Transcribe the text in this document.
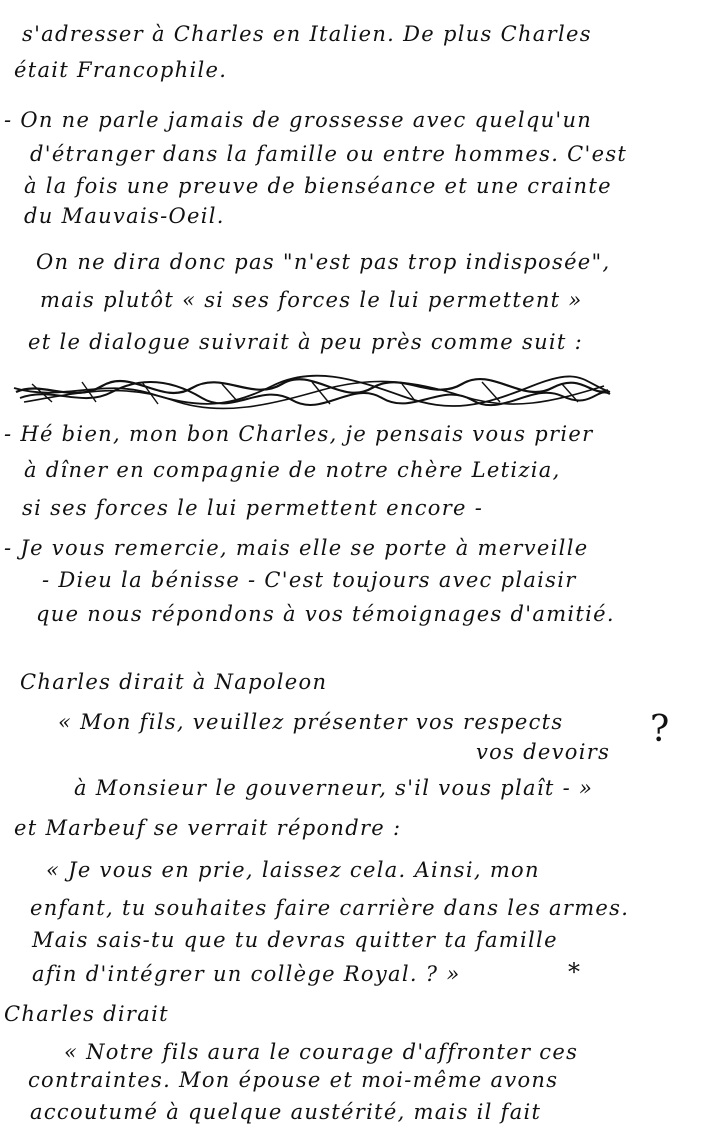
s'adresser à Charles en Italien. De plus Charles
était Francophile.
- On ne parle jamais de grossesse avec quelqu'un
d'étranger dans la famille ou entre hommes. C'est
à la fois une preuve de bienséance et une crainte
du Mauvais-Oeil.
On ne dira donc pas "n'est pas trop indisposée",
mais plutôt « si ses forces le lui permettent »
et le dialogue suivrait à peu près comme suit :
- Hé bien, mon bon Charles, je pensais vous prier
à dîner en compagnie de notre chère Letizia,
si ses forces le lui permettent encore -
- Je vous remercie, mais elle se porte à merveille
- Dieu la bénisse - C'est toujours avec plaisir
que nous répondons à vos témoignages d'amitié.
Charles dirait à Napoleon
« Mon fils, veuillez présenter vos respects ?
vos devoirs
à Monsieur le gouverneur, s'il vous plaît - »
et Marbeuf se verrait répondre :
« Je vous en prie, laissez cela. Ainsi, mon
enfant, tu souhaites faire carrière dans les armes.
Mais sais-tu que tu devras quitter ta famille
afin d'intégrer un collège Royal. ? »	*
Charles dirait
« Notre fils aura le courage d'affronter ces
contraintes. Mon épouse et moi-même avons
accoutumé à quelque austérité, mais il fait
